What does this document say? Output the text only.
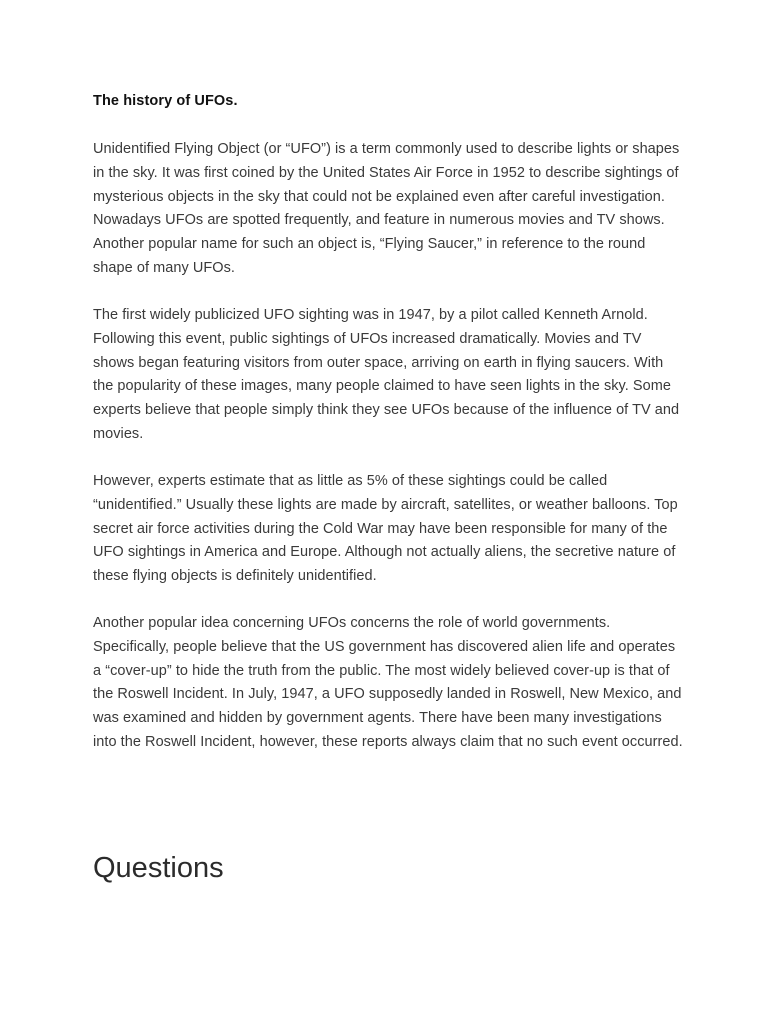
The history of UFOs.

Unidentified Flying Object (or “UFO”) is a term commonly used to describe lights or shapes in the sky. It was first coined by the United States Air Force in 1952 to describe sightings of mysterious objects in the sky that could not be explained even after careful investigation. Nowadays UFOs are spotted frequently, and feature in numerous movies and TV shows. Another popular name for such an object is, “Flying Saucer,” in reference to the round shape of many UFOs.

The first widely publicized UFO sighting was in 1947, by a pilot called Kenneth Arnold. Following this event, public sightings of UFOs increased dramatically. Movies and TV shows began featuring visitors from outer space, arriving on earth in flying saucers. With the popularity of these images, many people claimed to have seen lights in the sky. Some experts believe that people simply think they see UFOs because of the influence of TV and movies.

However, experts estimate that as little as 5% of these sightings could be called “unidentified.” Usually these lights are made by aircraft, satellites, or weather balloons. Top secret air force activities during the Cold War may have been responsible for many of the UFO sightings in America and Europe. Although not actually aliens, the secretive nature of these flying objects is definitely unidentified.

Another popular idea concerning UFOs concerns the role of world governments. Specifically, people believe that the US government has discovered alien life and operates a “cover-up” to hide the truth from the public. The most widely believed cover-up is that of the Roswell Incident. In July, 1947, a UFO supposedly landed in Roswell, New Mexico, and was examined and hidden by government agents. There have been many investigations into the Roswell Incident, however, these reports always claim that no such event occurred.

Questions
